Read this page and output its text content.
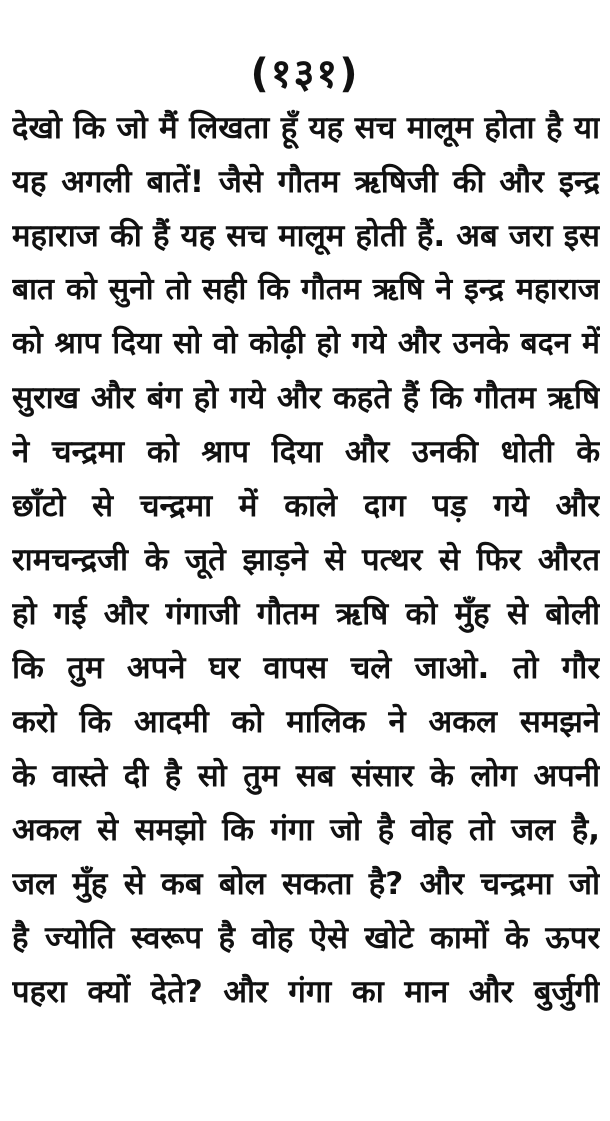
(१३१)
देखो कि जो मैं लिखता हूँ यह सच मालूम होता है या
यह अगली बातें! जैसे गौतम ऋषिजी की और इन्द्र
महाराज की हैं यह सच मालूम होती हैं. अब जरा इस
बात को सुनो तो सही कि गौतम ऋषि ने इन्द्र महाराज
को श्राप दिया सो वो कोढ़ी हो गये और उनके बदन में
सुराख और बंग हो गये और कहते हैं कि गौतम ऋषि
ने चन्द्रमा को श्राप दिया और उनकी धोती के
छाँटो से चन्द्रमा में काले दाग पड़ गये और
रामचन्द्रजी के जूते झाड़ने से पत्थर से फिर औरत
हो गई और गंगाजी गौतम ऋषि को मुँह से बोली
कि तुम अपने घर वापस चले जाओ. तो गौर
करो कि आदमी को मालिक ने अकल समझने
के वास्ते दी है सो तुम सब संसार के लोग अपनी
अकल से समझो कि गंगा जो है वोह तो जल है,
जल मुँह से कब बोल सकता है? और चन्द्रमा जो
है ज्योति स्वरूप है वोह ऐसे खोटे कामों के ऊपर
पहरा क्यों देते? और गंगा का मान और बुर्जुगी
